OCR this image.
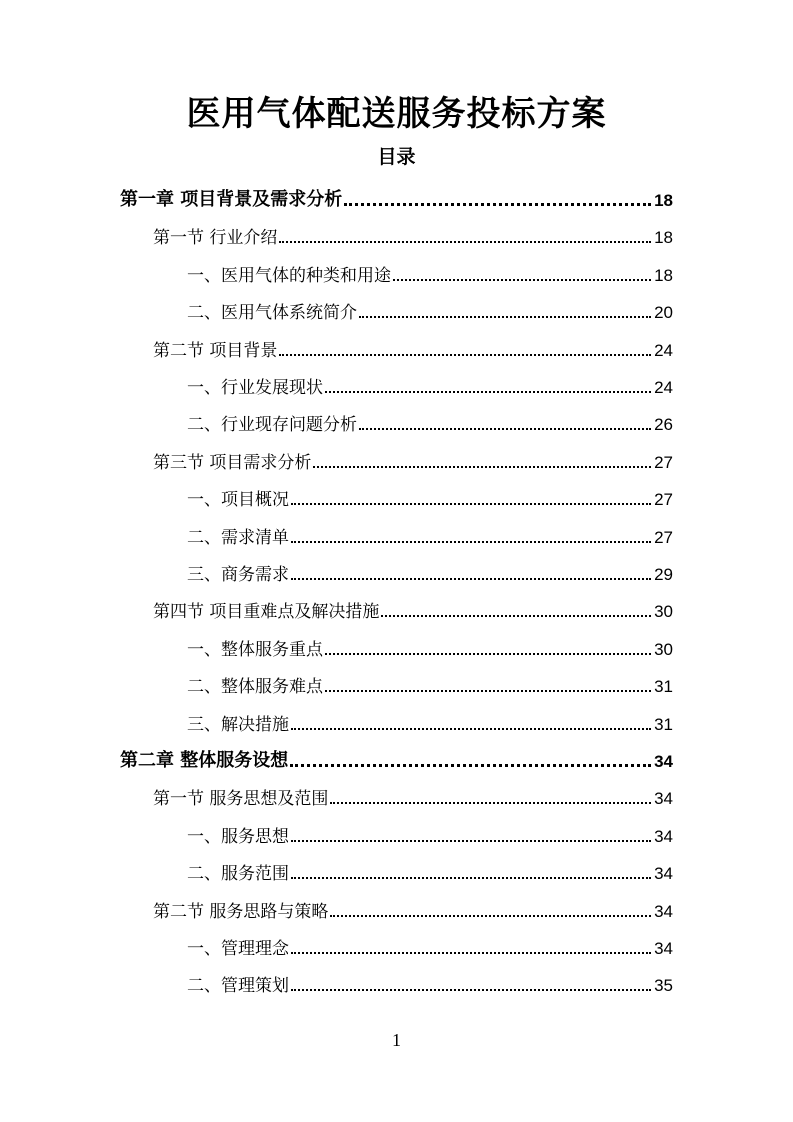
医用气体配送服务投标方案
目录
第一章 项目背景及需求分析	18
第一节 行业介绍	18
一、医用气体的种类和用途	18
二、医用气体系统简介	20
第二节 项目背景	24
一、行业发展现状	24
二、行业现存问题分析	26
第三节 项目需求分析	27
一、项目概况	27
二、需求清单	27
三、商务需求	29
第四节 项目重难点及解决措施	30
一、整体服务重点	30
二、整体服务难点	31
三、解决措施	31
第二章 整体服务设想	34
第一节 服务思想及范围	34
一、服务思想	34
二、服务范围	34
第二节 服务思路与策略	34
一、管理理念	34
二、管理策划	35
1
